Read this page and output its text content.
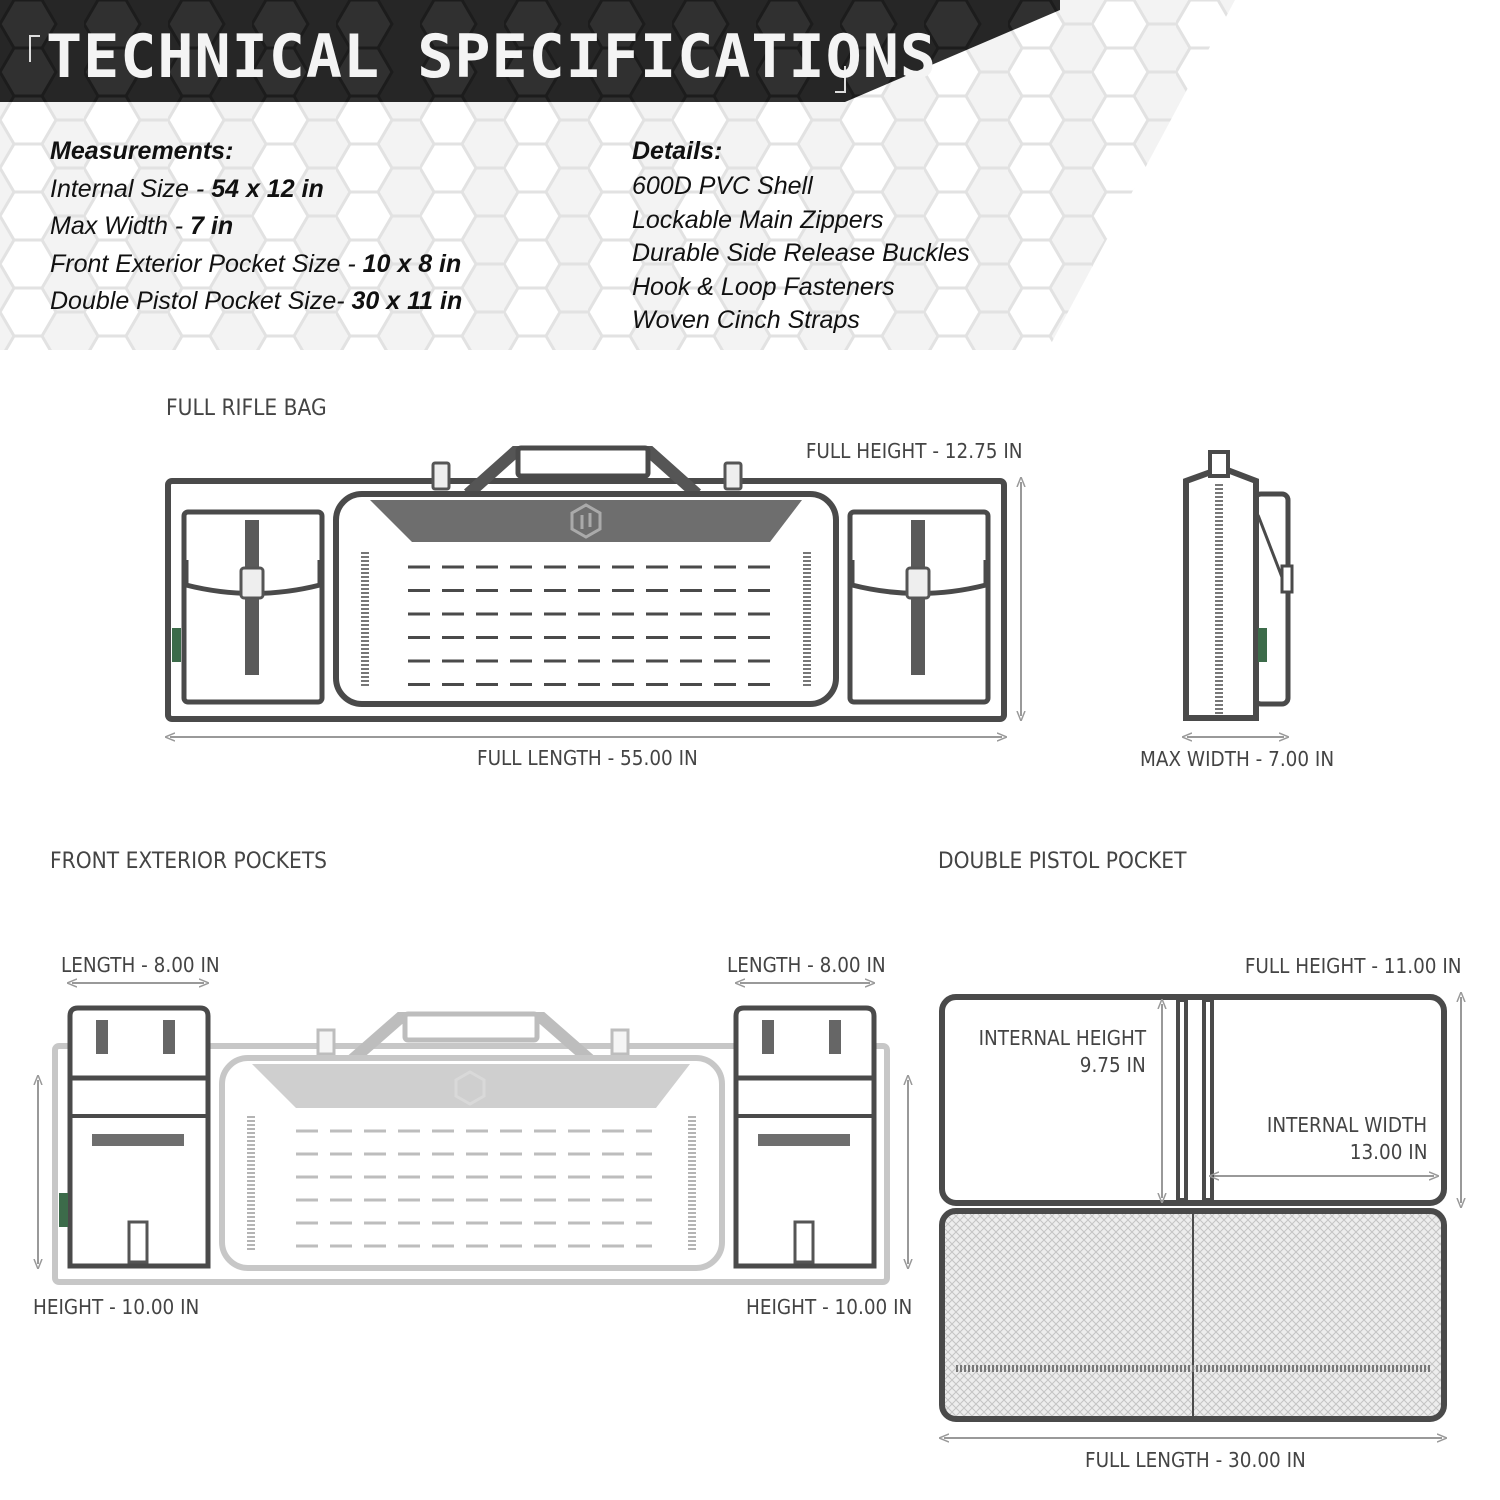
TECHNICAL SPECIFICATIONS
Measurements:
Internal Size - 54 x 12 in
Max Width - 7 in
Front Exterior Pocket Size - 10 x 8 in
Double Pistol Pocket Size- 30 x 11 in
Details:
600D PVC Shell
Lockable Main Zippers
Durable Side Release Buckles
Hook & Loop Fasteners
Woven Cinch Straps
FULL RIFLE BAG
FULL HEIGHT - 12.75 IN
FULL LENGTH - 55.00 IN	MAX WIDTH - 7.00 IN
FRONT EXTERIOR POCKETS
LENGTH - 8.00 IN	LENGTH - 8.00 IN
HEIGHT - 10.00 IN	HEIGHT - 10.00 IN
DOUBLE PISTOL POCKET
FULL HEIGHT - 11.00 IN
INTERNAL HEIGHT
9.75 IN
INTERNAL WIDTH
13.00 IN
FULL LENGTH - 30.00 IN
